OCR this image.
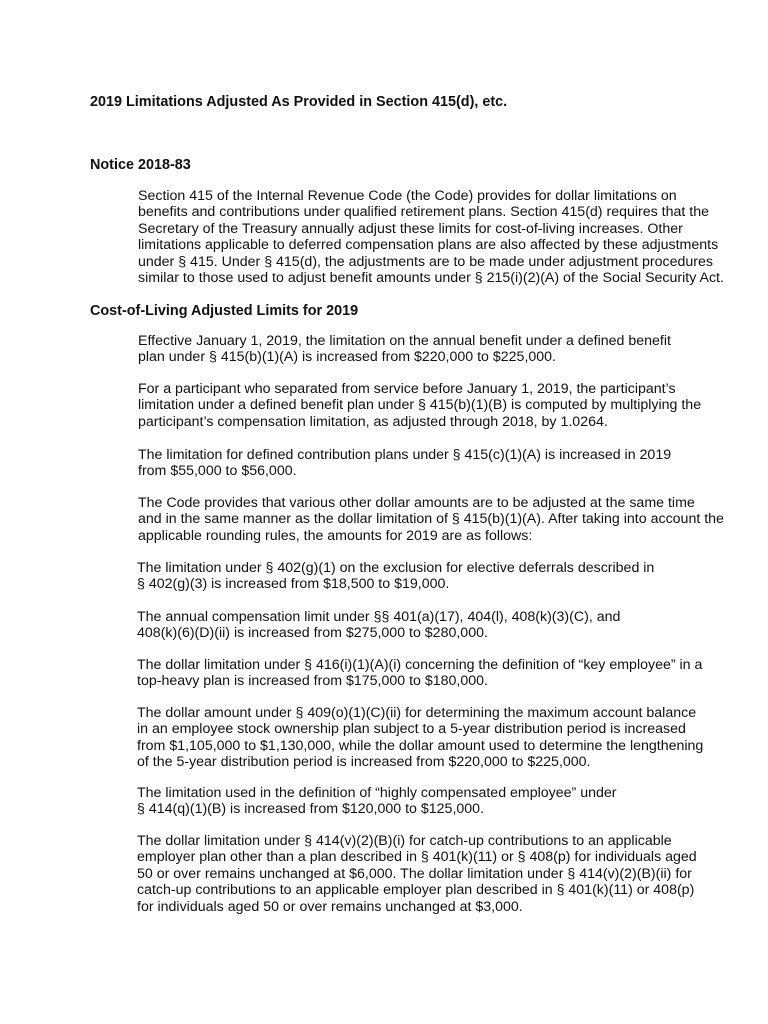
2019 Limitations Adjusted As Provided in Section 415(d), etc.
Notice 2018-83

Section 415 of the Internal Revenue Code (the Code) provides for dollar limitations on
benefits and contributions under qualified retirement plans. Section 415(d) requires that the
Secretary of the Treasury annually adjust these limits for cost-of-living increases. Other
limitations applicable to deferred compensation plans are also affected by these adjustments
under § 415. Under § 415(d), the adjustments are to be made under adjustment procedures
similar to those used to adjust benefit amounts under § 215(i)(2)(A) of the Social Security Act.

Cost-of-Living Adjusted Limits for 2019

Effective January 1, 2019, the limitation on the annual benefit under a defined benefit
plan under § 415(b)(1)(A) is increased from $220,000 to $225,000.

For a participant who separated from service before January 1, 2019, the participant’s
limitation under a defined benefit plan under § 415(b)(1)(B) is computed by multiplying the
participant’s compensation limitation, as adjusted through 2018, by 1.0264.

The limitation for defined contribution plans under § 415(c)(1)(A) is increased in 2019
from $55,000 to $56,000.

The Code provides that various other dollar amounts are to be adjusted at the same time
and in the same manner as the dollar limitation of § 415(b)(1)(A). After taking into account the
applicable rounding rules, the amounts for 2019 are as follows:

The limitation under § 402(g)(1) on the exclusion for elective deferrals described in
§ 402(g)(3) is increased from $18,500 to $19,000.

The annual compensation limit under §§ 401(a)(17), 404(l), 408(k)(3)(C), and
408(k)(6)(D)(ii) is increased from $275,000 to $280,000.

The dollar limitation under § 416(i)(1)(A)(i) concerning the definition of “key employee” in a
top-heavy plan is increased from $175,000 to $180,000.

The dollar amount under § 409(o)(1)(C)(ii) for determining the maximum account balance
in an employee stock ownership plan subject to a 5-year distribution period is increased
from $1,105,000 to $1,130,000, while the dollar amount used to determine the lengthening
of the 5-year distribution period is increased from $220,000 to $225,000.

The limitation used in the definition of “highly compensated employee” under
§ 414(q)(1)(B) is increased from $120,000 to $125,000.

The dollar limitation under § 414(v)(2)(B)(i) for catch-up contributions to an applicable
employer plan other than a plan described in § 401(k)(11) or § 408(p) for individuals aged
50 or over remains unchanged at $6,000. The dollar limitation under § 414(v)(2)(B)(ii) for
catch-up contributions to an applicable employer plan described in § 401(k)(11) or 408(p)
for individuals aged 50 or over remains unchanged at $3,000.
